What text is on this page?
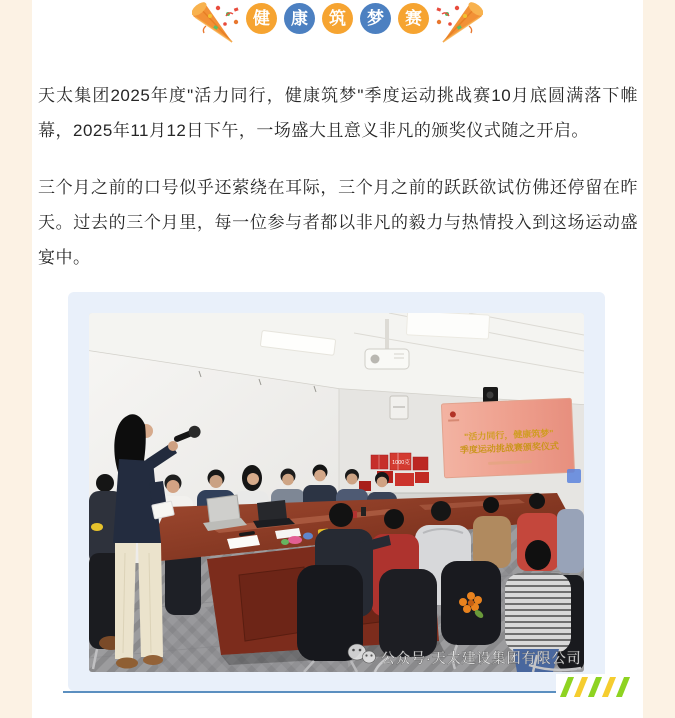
健 康 筑 梦 赛

天太集团2025年度"活力同行，健康筑梦"季度运动挑战赛10月底圆满落下帷幕，2025年11月12日下午，一场盛大且意义非凡的颁奖仪式随之开启。

三个月之前的口号似乎还萦绕在耳际，三个月之前的跃跃欲试仿佛还停留在昨天。过去的三个月里，每一位参与者都以非凡的毅力与热情投入到这场运动盛宴中。

"活力同行，健康筑梦"
季度运动挑战赛颁奖仪式
1000克
公众号·天太建设集团有限公司
